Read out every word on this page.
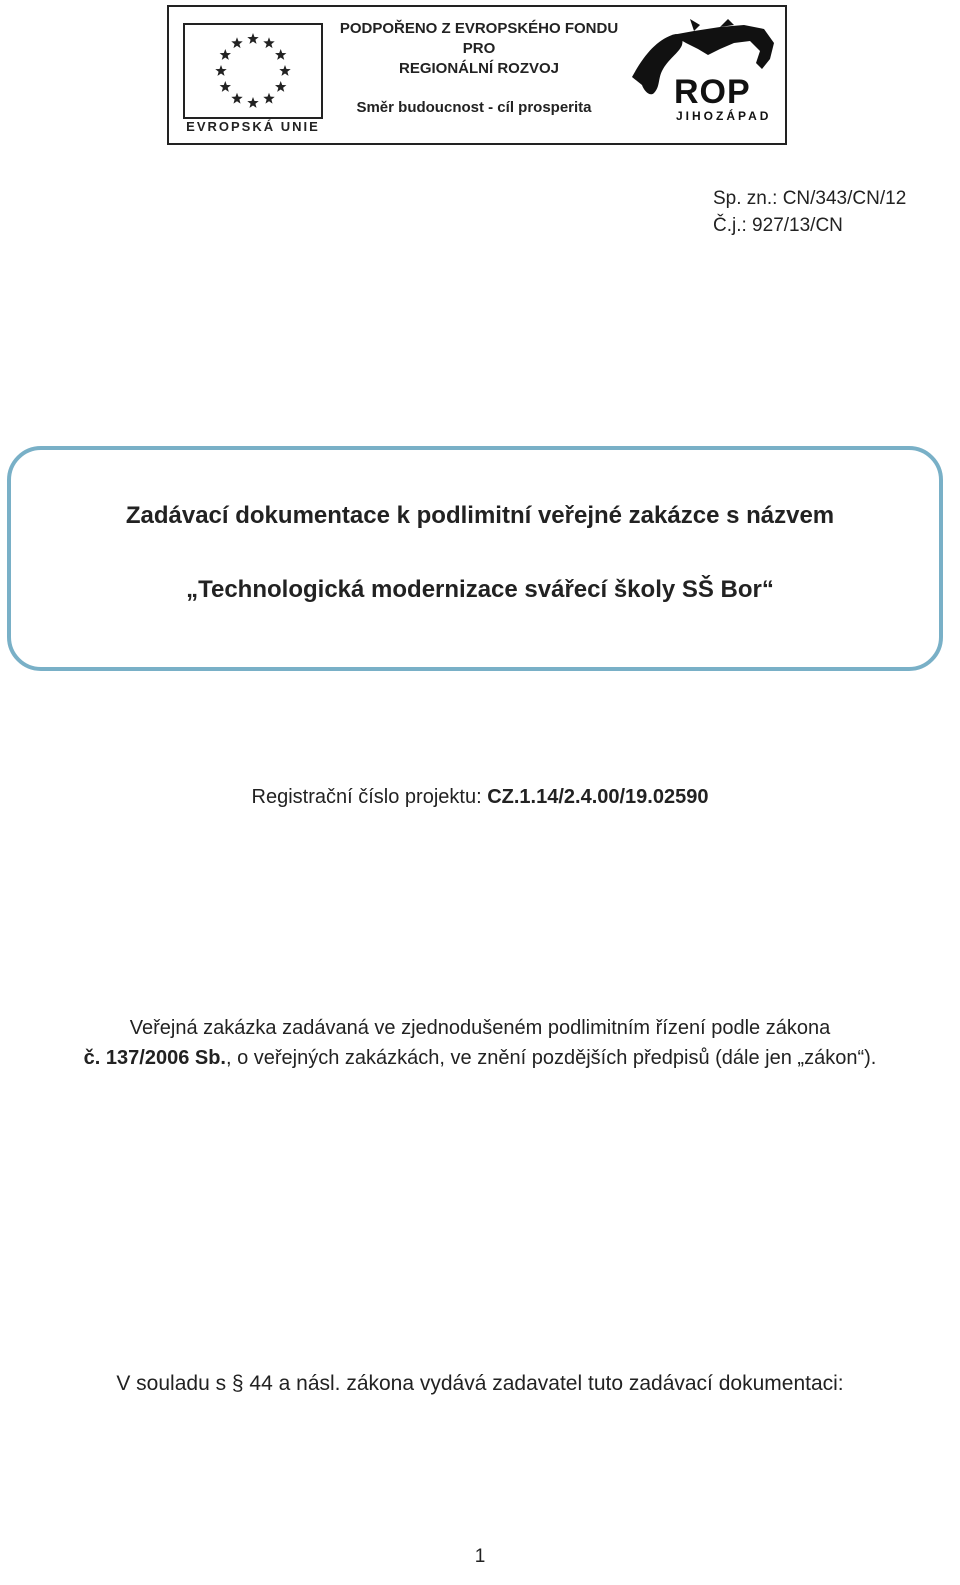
EVROPSKÁ UNIE
PODPOŘENO Z EVROPSKÉHO FONDU
PRO
REGIONÁLNÍ ROZVOJ
Směr budoucnost - cíl prosperita	ROP
JIHOZÁPAD
Sp. zn.: CN/343/CN/12
Č.j.: 927/13/CN
Zadávací dokumentace k podlimitní veřejné zakázce s názvem
„Technologická modernizace svářecí školy SŠ Bor“
Registrační číslo projektu: CZ.1.14/2.4.00/19.02590
Veřejná zakázka zadávaná ve zjednodušeném podlimitním řízení podle zákona
č. 137/2006 Sb., o veřejných zakázkách, ve znění pozdějších předpisů (dále jen „zákon“).
V souladu s § 44 a násl. zákona vydává zadavatel tuto zadávací dokumentaci:
1
